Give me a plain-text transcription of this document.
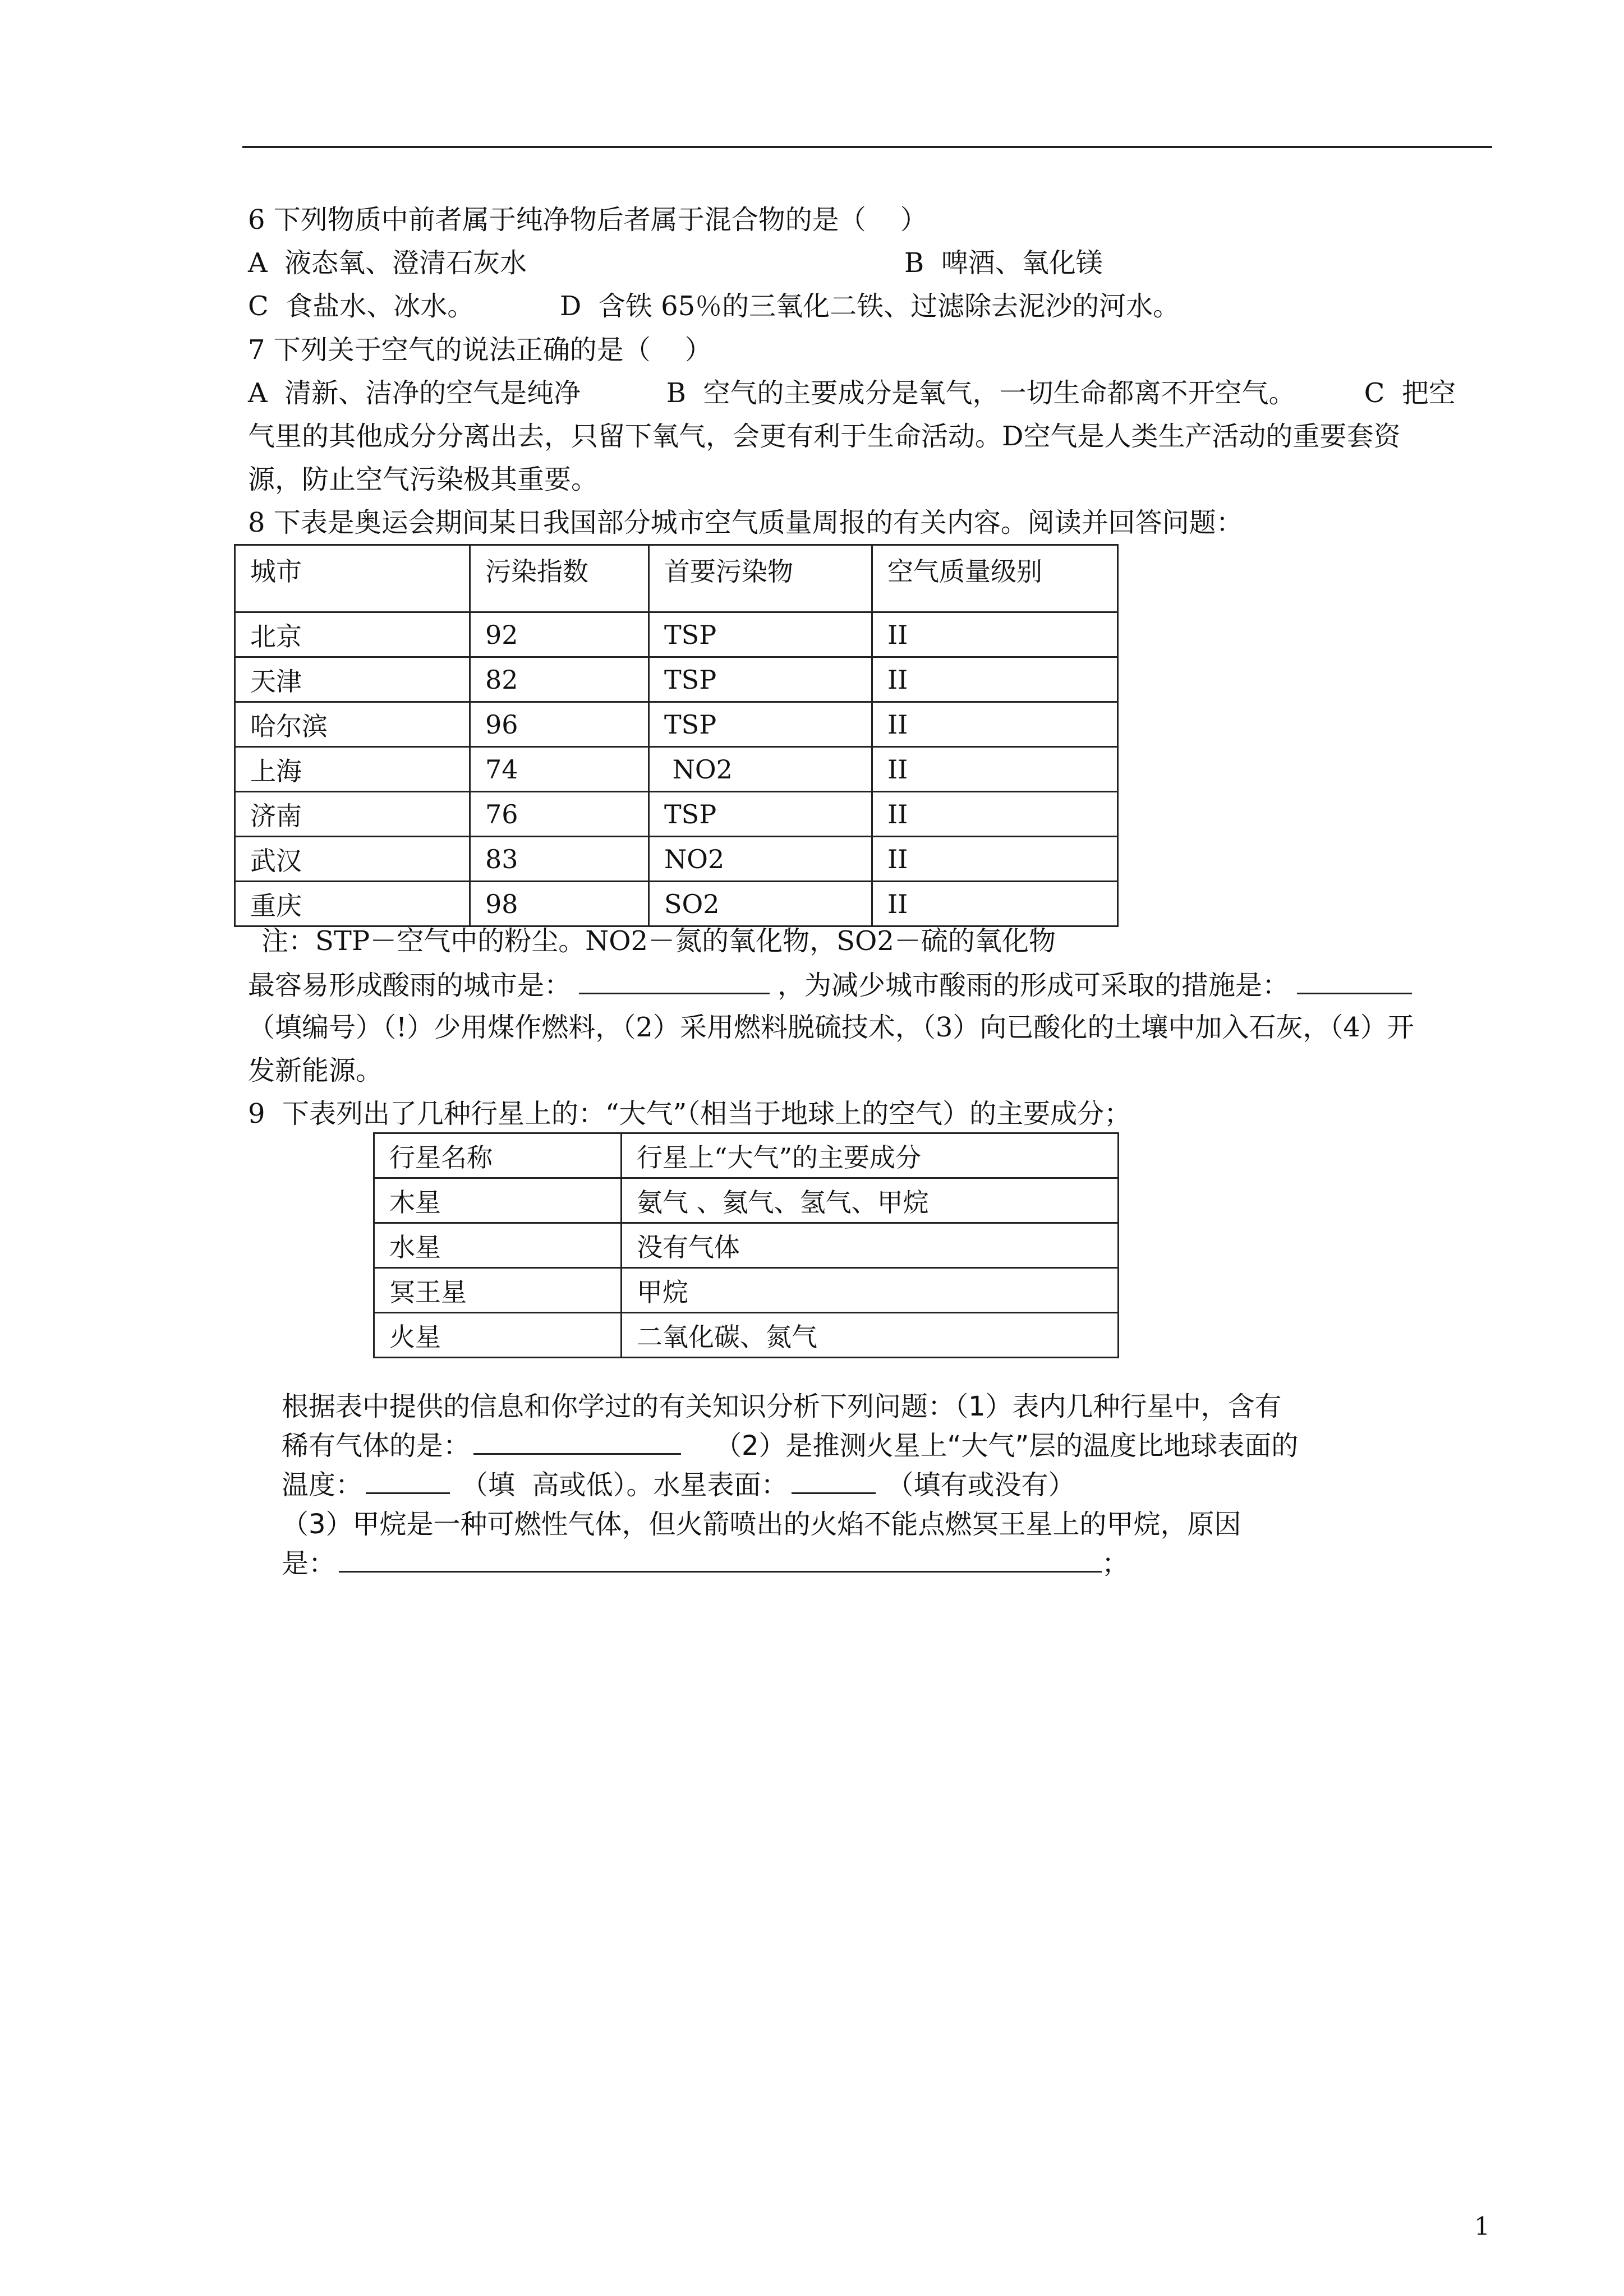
6 下列物质中前者属于纯净物后者属于混合物的是（    ）
A  液态氧、澄清石灰水	B  啤酒、氧化镁
C  食盐水、冰水。          D  含铁 65％的三氧化二铁、过滤除去泥沙的河水。
7 下列关于空气的说法正确的是（    ）
A  清新、洁净的空气是纯净          B  空气的主要成分是氧气，一切生命都离不开空气。        C  把空
气里的其他成分分离出去，只留下氧气，会更有利于生命活动。D空气是人类生产活动的重要套资
源，防止空气污染极其重要。
8 下表是奥运会期间某日我国部分城市空气质量周报的有关内容。阅读并回答问题：
城市	污染指数	首要污染物	空气质量级别
北京	92	TSP	II
天津	82	TSP	II
哈尔滨	96	TSP	II
上海	74	NO2	II
济南	76	TSP	II
武汉	83	NO2	II
重庆	98	SO2	II
注：STP－空气中的粉尘。NO2－氮的氧化物，SO2－硫的氧化物
最容易形成酸雨的城市是：	，为减少城市酸雨的形成可采取的措施是：
（填编号）（!）少用煤作燃料，（2）采用燃料脱硫技术，（3）向已酸化的土壤中加入石灰，（4）开
发新能源。
9  下表列出了几种行星上的：“大气”（相当于地球上的空气）的主要成分；
行星名称	行星上“大气”的主要成分
木星	氨气 、氦气、氢气、甲烷
水星	没有气体
冥王星	甲烷
火星	二氧化碳、氮气
根据表中提供的信息和你学过的有关知识分析下列问题：（1）表内几种行星中，含有
稀有气体的是：	（2）是推测火星上“大气”层的温度比地球表面的
温度：	（填  高或低）。水星表面：	（填有或没有）
（3）甲烷是一种可燃性气体，但火箭喷出的火焰不能点燃冥王星上的甲烷，原因
是：	；
1
